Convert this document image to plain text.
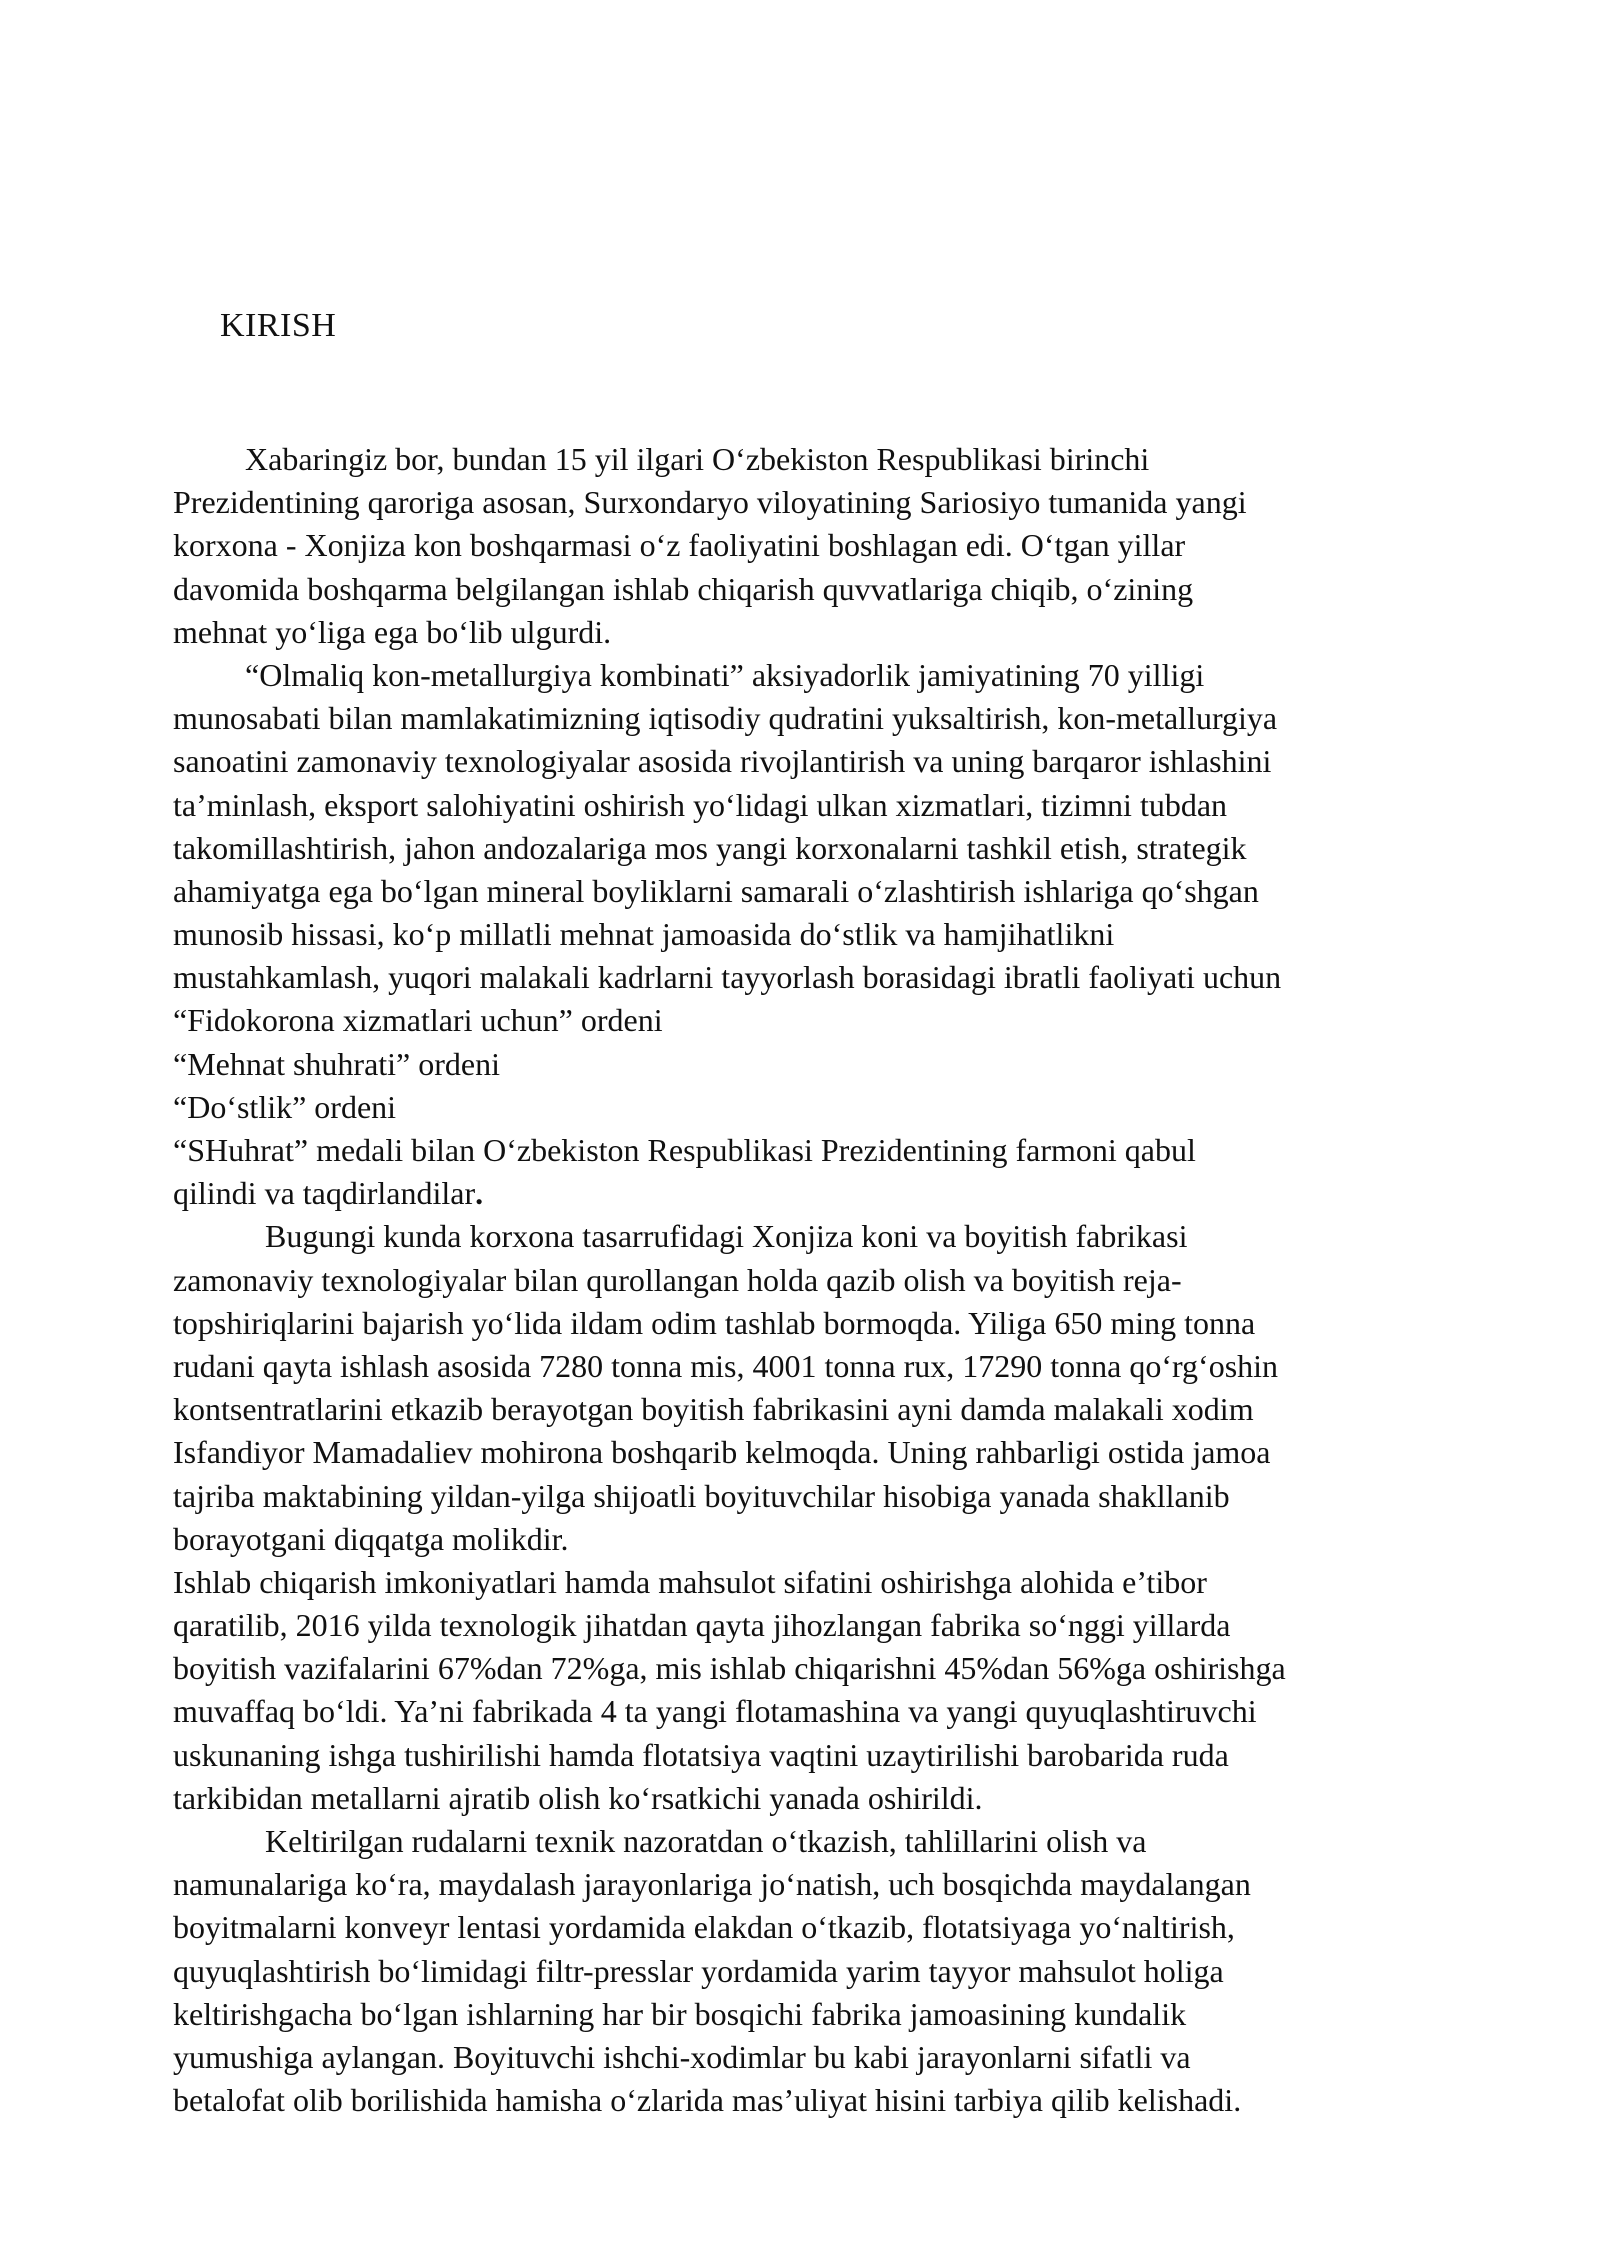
KIRISH
Xabaringiz bor, bundan 15 yil ilgari O‘zbekiston Respublikasi birinchi
Prezidentining qaroriga asosan, Surxondaryo viloyatining Sariosiyo tumanida yangi
korxona - Xonjiza kon boshqarmasi o‘z faoliyatini boshlagan edi. O‘tgan yillar
davomida boshqarma belgilangan ishlab chiqarish quvvatlariga chiqib, o‘zining
mehnat yo‘liga ega bo‘lib ulgurdi.
“Olmaliq kon-metallurgiya kombinati” aksiyadorlik jamiyatining 70 yilligi
munosabati bilan mamlakatimizning iqtisodiy qudratini yuksaltirish, kon-metallurgiya
sanoatini zamonaviy texnologiyalar asosida rivojlantirish va uning barqaror ishlashini
ta’minlash, eksport salohiyatini oshirish yo‘lidagi ulkan xizmatlari, tizimni tubdan
takomillashtirish, jahon andozalariga mos yangi korxonalarni tashkil etish, strategik
ahamiyatga ega bo‘lgan mineral boyliklarni samarali o‘zlashtirish ishlariga qo‘shgan
munosib hissasi, ko‘p millatli mehnat jamoasida do‘stlik va hamjihatlikni
mustahkamlash, yuqori malakali kadrlarni tayyorlash borasidagi ibratli faoliyati uchun
“Fidokorona xizmatlari uchun” ordeni
“Mehnat shuhrati” ordeni
“Do‘stlik” ordeni
“SHuhrat” medali bilan O‘zbekiston Respublikasi Prezidentining farmoni qabul
qilindi va taqdirlandilar.
Bugungi kunda korxona tasarrufidagi Xonjiza koni va boyitish fabrikasi
zamonaviy texnologiyalar bilan qurollangan holda qazib olish va boyitish reja-
topshiriqlarini bajarish yo‘lida ildam odim tashlab bormoqda. Yiliga 650 ming tonna
rudani qayta ishlash asosida 7280 tonna mis, 4001 tonna rux, 17290 tonna qo‘rg‘oshin
kontsentratlarini etkazib berayotgan boyitish fabrikasini ayni damda malakali xodim
Isfandiyor Mamadaliev mohirona boshqarib kelmoqda. Uning rahbarligi ostida jamoa
tajriba maktabining yildan-yilga shijoatli boyituvchilar hisobiga yanada shakllanib
borayotgani diqqatga molikdir.
Ishlab chiqarish imkoniyatlari hamda mahsulot sifatini oshirishga alohida e’tibor
qaratilib, 2016 yilda texnologik jihatdan qayta jihozlangan fabrika so‘nggi yillarda
boyitish vazifalarini 67%dan 72%ga, mis ishlab chiqarishni 45%dan 56%ga oshirishga
muvaffaq bo‘ldi. Ya’ni fabrikada 4 ta yangi flotamashina va yangi quyuqlashtiruvchi
uskunaning ishga tushirilishi hamda flotatsiya vaqtini uzaytirilishi barobarida ruda
tarkibidan metallarni ajratib olish ko‘rsatkichi yanada oshirildi.
Keltirilgan rudalarni texnik nazoratdan o‘tkazish, tahlillarini olish va
namunalariga ko‘ra, maydalash jarayonlariga jo‘natish, uch bosqichda maydalangan
boyitmalarni konveyr lentasi yordamida elakdan o‘tkazib, flotatsiyaga yo‘naltirish,
quyuqlashtirish bo‘limidagi filtr-presslar yordamida yarim tayyor mahsulot holiga
keltirishgacha bo‘lgan ishlarning har bir bosqichi fabrika jamoasining kundalik
yumushiga aylangan. Boyituvchi ishchi-xodimlar bu kabi jarayonlarni sifatli va
betalofat olib borilishida hamisha o‘zlarida mas’uliyat hisini tarbiya qilib kelishadi.
